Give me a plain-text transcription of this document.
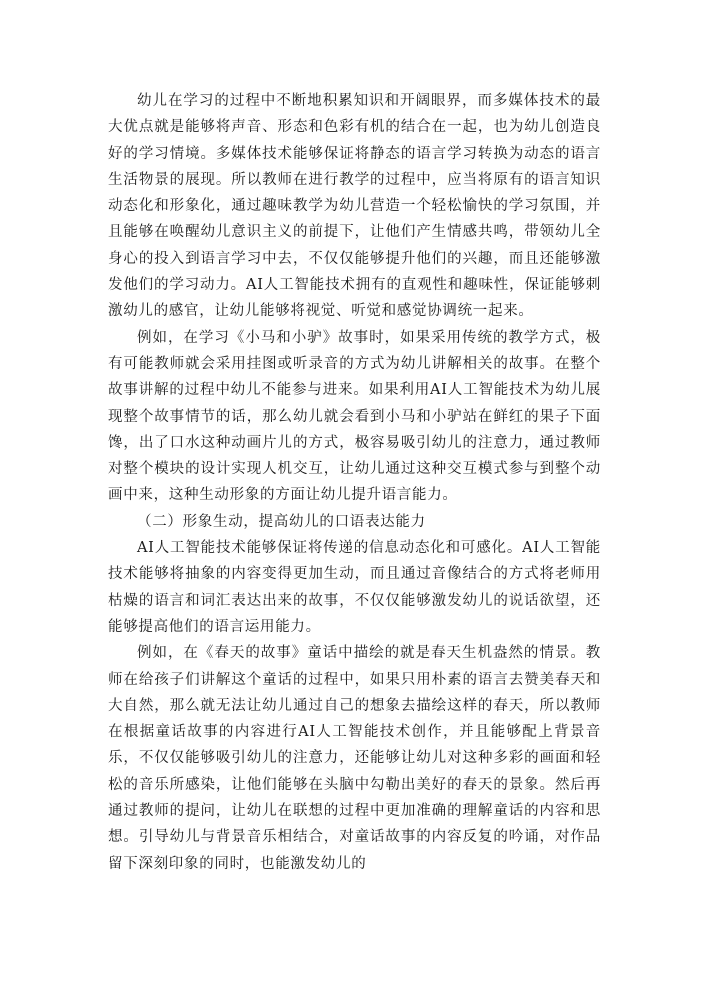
幼儿在学习的过程中不断地积累知识和开阔眼界，而多媒体技术的最大优点就是能够将声音、形态和色彩有机的结合在一起，也为幼儿创造良好的学习情境。多媒体技术能够保证将静态的语言学习转换为动态的语言生活物景的展现。所以教师在进行教学的过程中，应当将原有的语言知识动态化和形象化，通过趣味教学为幼儿营造一个轻松愉快的学习氛围，并且能够在唤醒幼儿意识主义的前提下，让他们产生情感共鸣，带领幼儿全身心的投入到语言学习中去，不仅仅能够提升他们的兴趣，而且还能够激发他们的学习动力。AI人工智能技术拥有的直观性和趣味性，保证能够刺激幼儿的感官，让幼儿能够将视觉、听觉和感觉协调统一起来。

例如，在学习《小马和小驴》故事时，如果采用传统的教学方式，极有可能教师就会采用挂图或听录音的方式为幼儿讲解相关的故事。在整个故事讲解的过程中幼儿不能参与进来。如果利用AI人工智能技术为幼儿展现整个故事情节的话，那么幼儿就会看到小马和小驴站在鲜红的果子下面馋，出了口水这种动画片儿的方式，极容易吸引幼儿的注意力，通过教师对整个模块的设计实现人机交互，让幼儿通过这种交互模式参与到整个动画中来，这种生动形象的方面让幼儿提升语言能力。

（二）形象生动，提高幼儿的口语表达能力

AI人工智能技术能够保证将传递的信息动态化和可感化。AI人工智能技术能够将抽象的内容变得更加生动，而且通过音像结合的方式将老师用枯燥的语言和词汇表达出来的故事，不仅仅能够激发幼儿的说话欲望，还能够提高他们的语言运用能力。

例如，在《春天的故事》童话中描绘的就是春天生机盎然的情景。教师在给孩子们讲解这个童话的过程中，如果只用朴素的语言去赞美春天和大自然，那么就无法让幼儿通过自己的想象去描绘这样的春天，所以教师在根据童话故事的内容进行AI人工智能技术创作，并且能够配上背景音乐，不仅仅能够吸引幼儿的注意力，还能够让幼儿对这种多彩的画面和轻松的音乐所感染，让他们能够在头脑中勾勒出美好的春天的景象。然后再通过教师的提问，让幼儿在联想的过程中更加准确的理解童话的内容和思想。引导幼儿与背景音乐相结合，对童话故事的内容反复的吟诵，对作品留下深刻印象的同时，也能激发幼儿的
